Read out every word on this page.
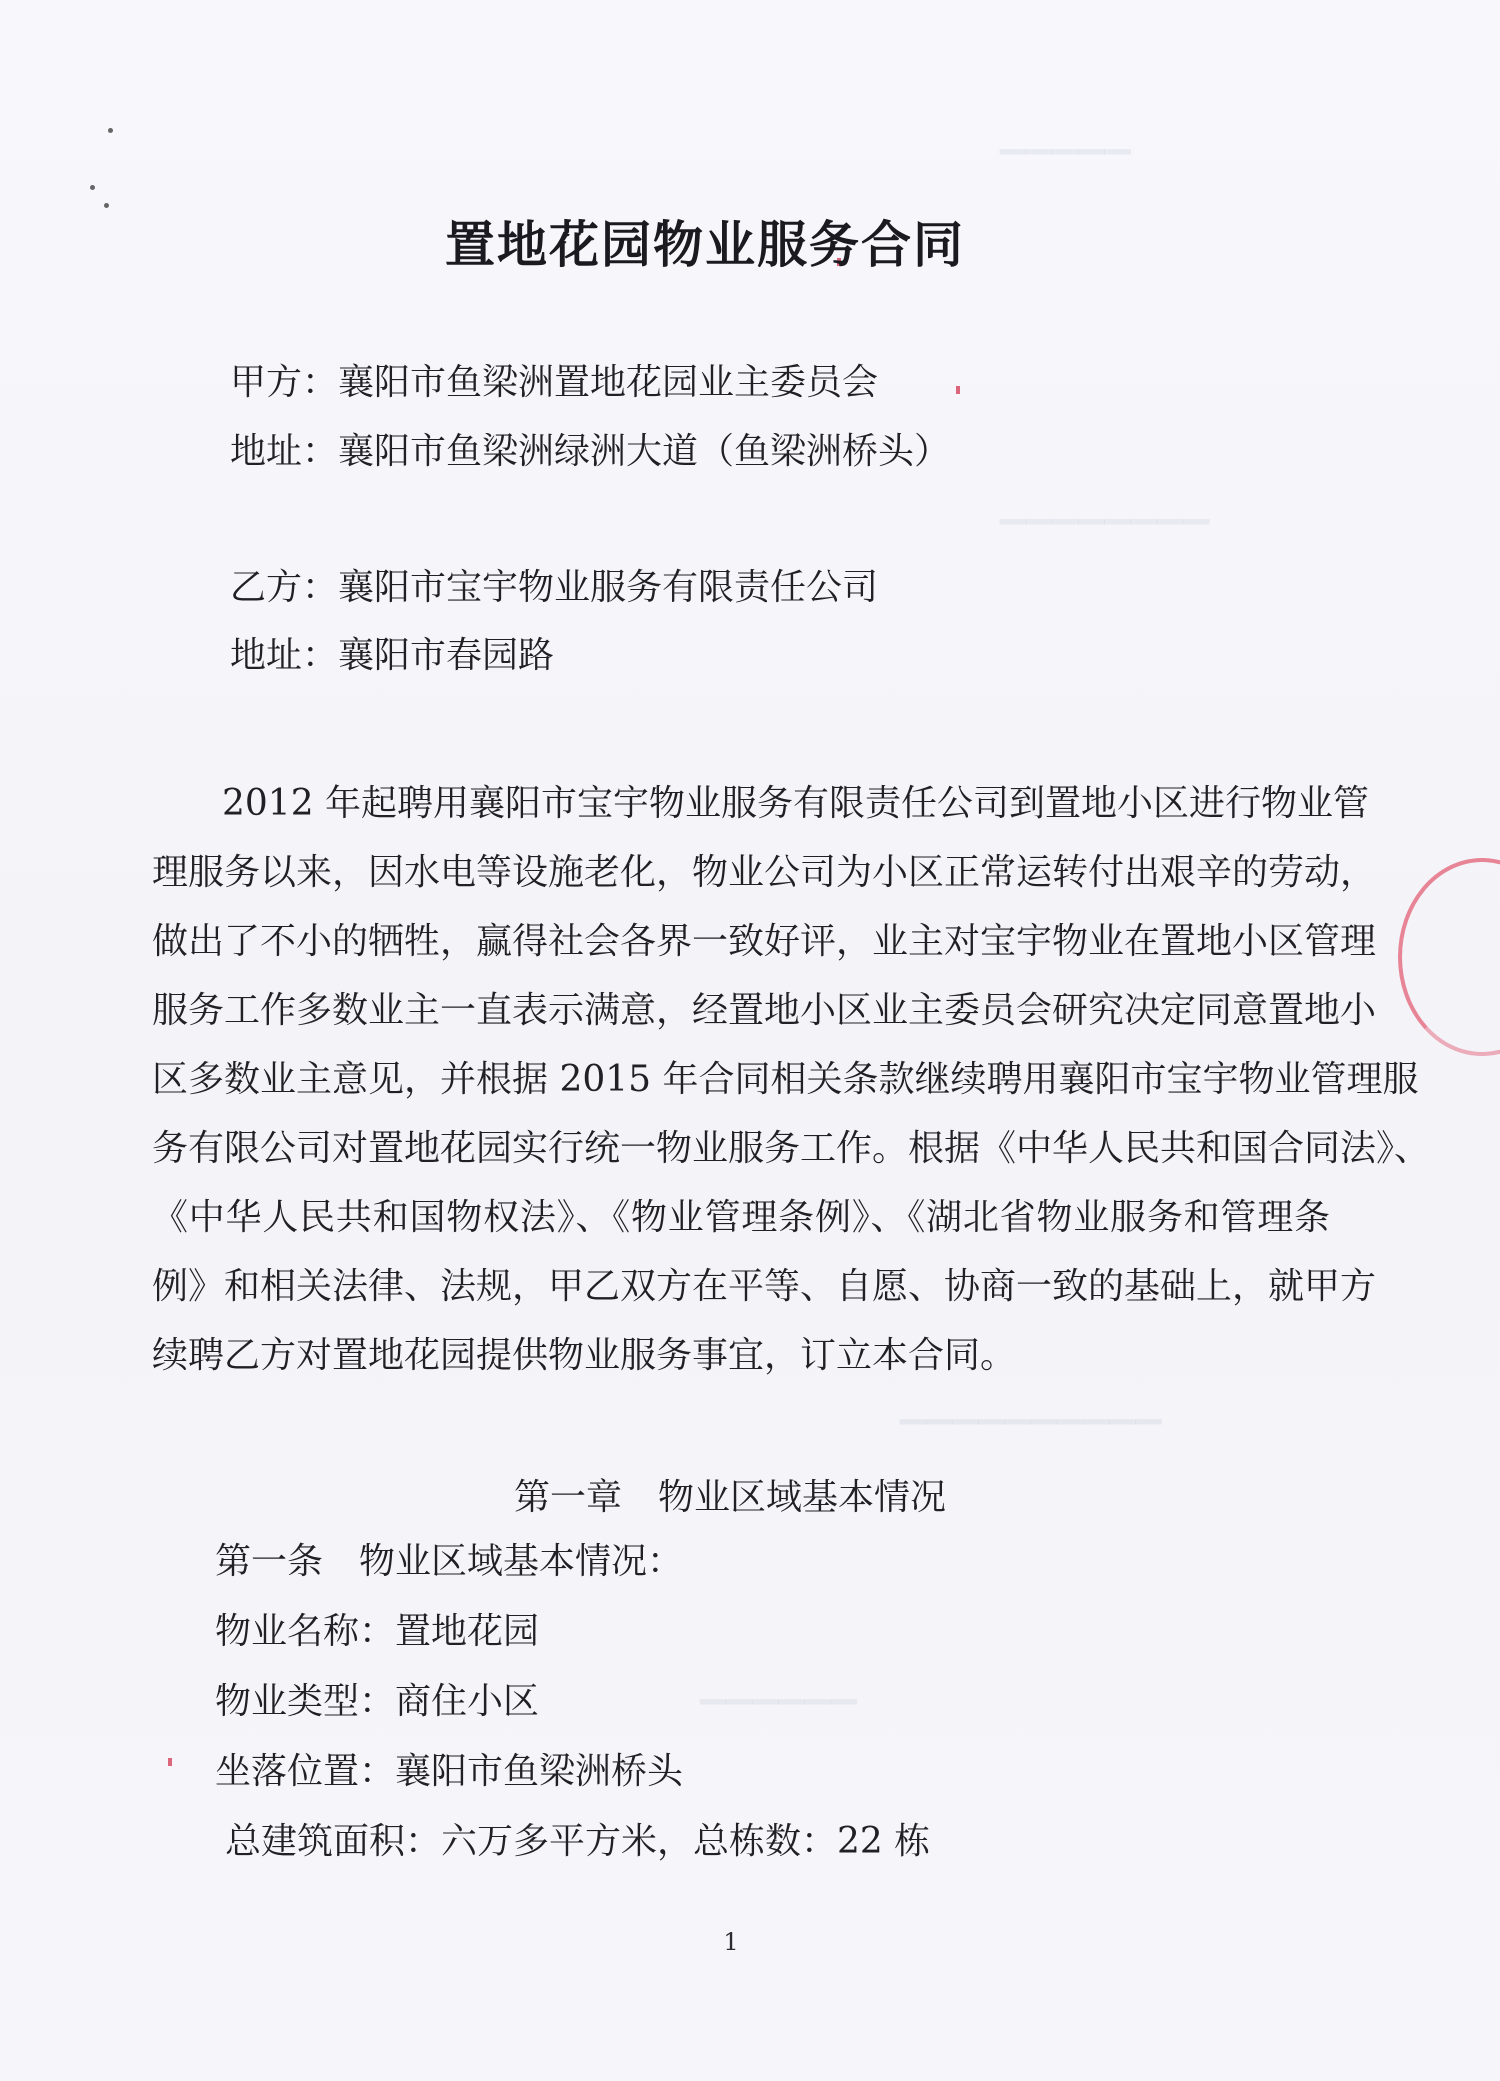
▔▔▔▔▔
▔▔▔▔▔▔▔▔
▔▔▔▔▔▔▔▔▔▔
▔▔▔▔▔▔
置地花园物业服务合同
甲方：襄阳市鱼梁洲置地花园业主委员会
地址：襄阳市鱼梁洲绿洲大道（鱼梁洲桥头）
乙方：襄阳市宝宇物业服务有限责任公司
地址：襄阳市春园路
2012 年起聘用襄阳市宝宇物业服务有限责任公司到置地小区进行物业管
理服务以来，因水电等设施老化，物业公司为小区正常运转付出艰辛的劳动，
做出了不小的牺牲，赢得社会各界一致好评，业主对宝宇物业在置地小区管理
服务工作多数业主一直表示满意，经置地小区业主委员会研究决定同意置地小
区多数业主意见，并根据 2015 年合同相关条款继续聘用襄阳市宝宇物业管理服
务有限公司对置地花园实行统一物业服务工作。根据《中华人民共和国合同法》、
《中华人民共和国物权法》、《物业管理条例》、《湖北省物业服务和管理条
例》和相关法律、法规，甲乙双方在平等、自愿、协商一致的基础上，就甲方
续聘乙方对置地花园提供物业服务事宜，订立本合同。
第一章　物业区域基本情况
第一条　物业区域基本情况：
物业名称：置地花园
物业类型：商住小区
坐落位置：襄阳市鱼梁洲桥头
总建筑面积：六万多平方米，总栋数：22 栋
1
